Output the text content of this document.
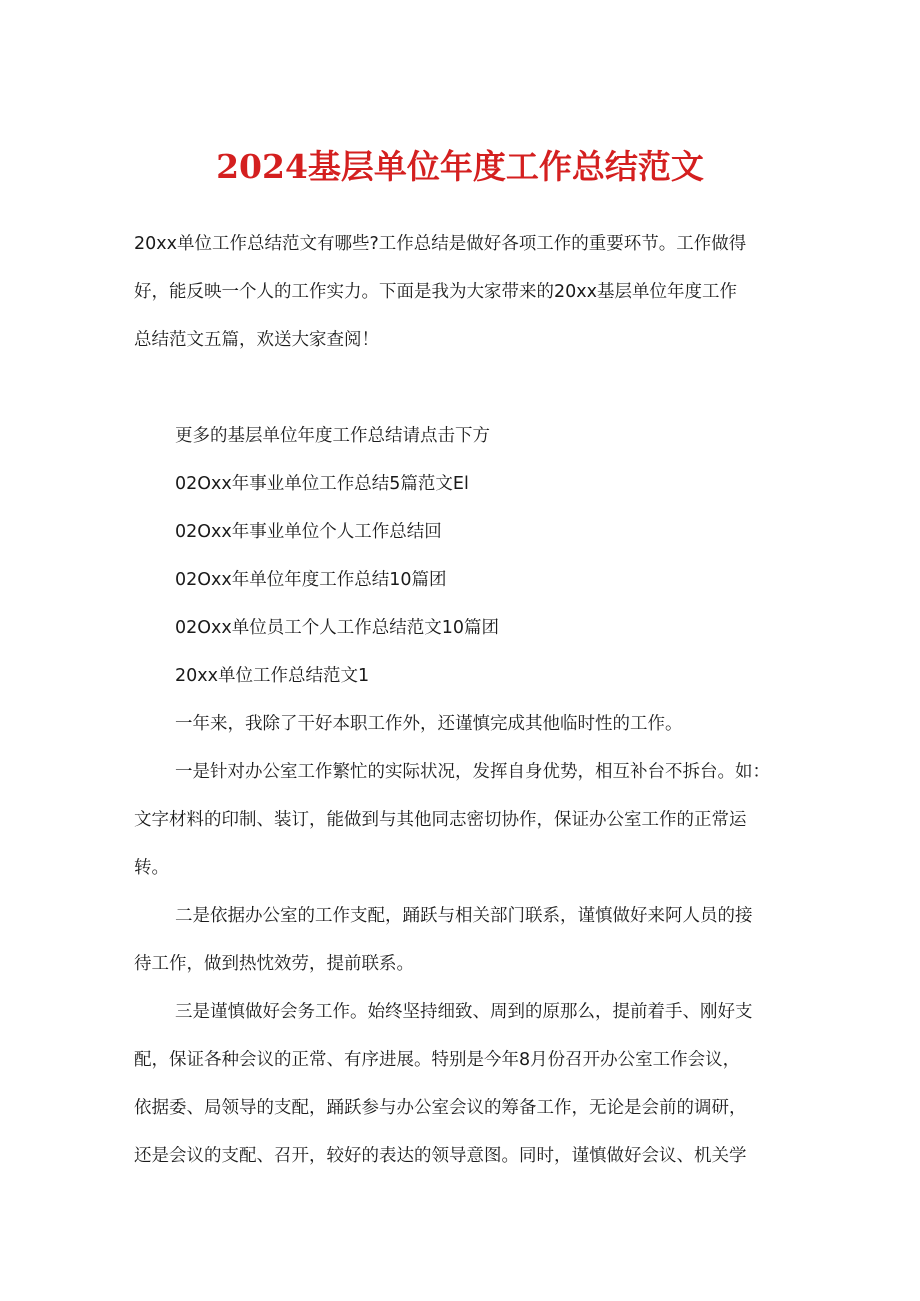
2024基层单位年度工作总结范文

20xx单位工作总结范文有哪些?工作总结是做好各项工作的重要环节。工作做得

好，能反映一个人的工作实力。下面是我为大家带来的20xx基层单位年度工作

总结范文五篇，欢送大家查阅！

更多的基层单位年度工作总结请点击下方

02Oxx年事业单位工作总结5篇范文El

02Oxx年事业单位个人工作总结回

02Oxx年单位年度工作总结10篇团

02Oxx单位员工个人工作总结范文10篇团

20xx单位工作总结范文1

一年来，我除了干好本职工作外，还谨慎完成其他临时性的工作。

一是针对办公室工作繁忙的实际状况，发挥自身优势，相互补台不拆台。如：

文字材料的印制、装订，能做到与其他同志密切协作，保证办公室工作的正常运

转。

二是依据办公室的工作支配，踊跃与相关部门联系，谨慎做好来阿人员的接

待工作，做到热忱效劳，提前联系。

三是谨慎做好会务工作。始终坚持细致、周到的原那么，提前着手、刚好支

配，保证各种会议的正常、有序进展。特别是今年8月份召开办公室工作会议，

依据委、局领导的支配，踊跃参与办公室会议的筹备工作，无论是会前的调研，

还是会议的支配、召开，较好的表达的领导意图。同时，谨慎做好会议、机关学
